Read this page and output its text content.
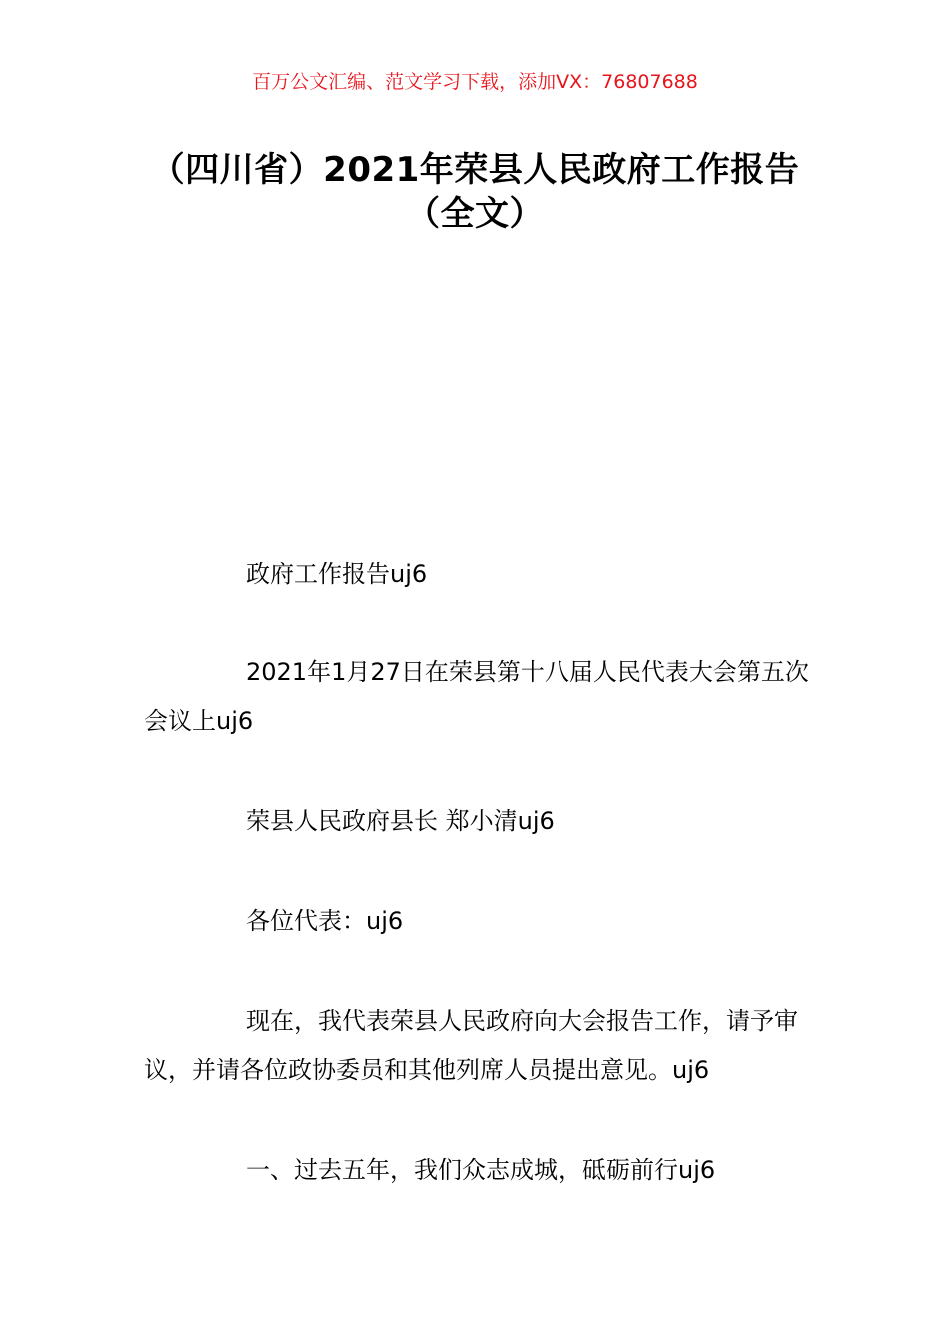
百万公文汇编、范文学习下载，添加VX：76807688
（四川省）2021年荣县人民政府工作报告
（全文）

政府工作报告uj6

2021年1月27日在荣县第十八届人民代表大会第五次会议上uj6

荣县人民政府县长 郑小清uj6

各位代表：uj6

现在，我代表荣县人民政府向大会报告工作，请予审议，并请各位政协委员和其他列席人员提出意见。uj6

一、过去五年，我们众志成城，砥砺前行uj6
